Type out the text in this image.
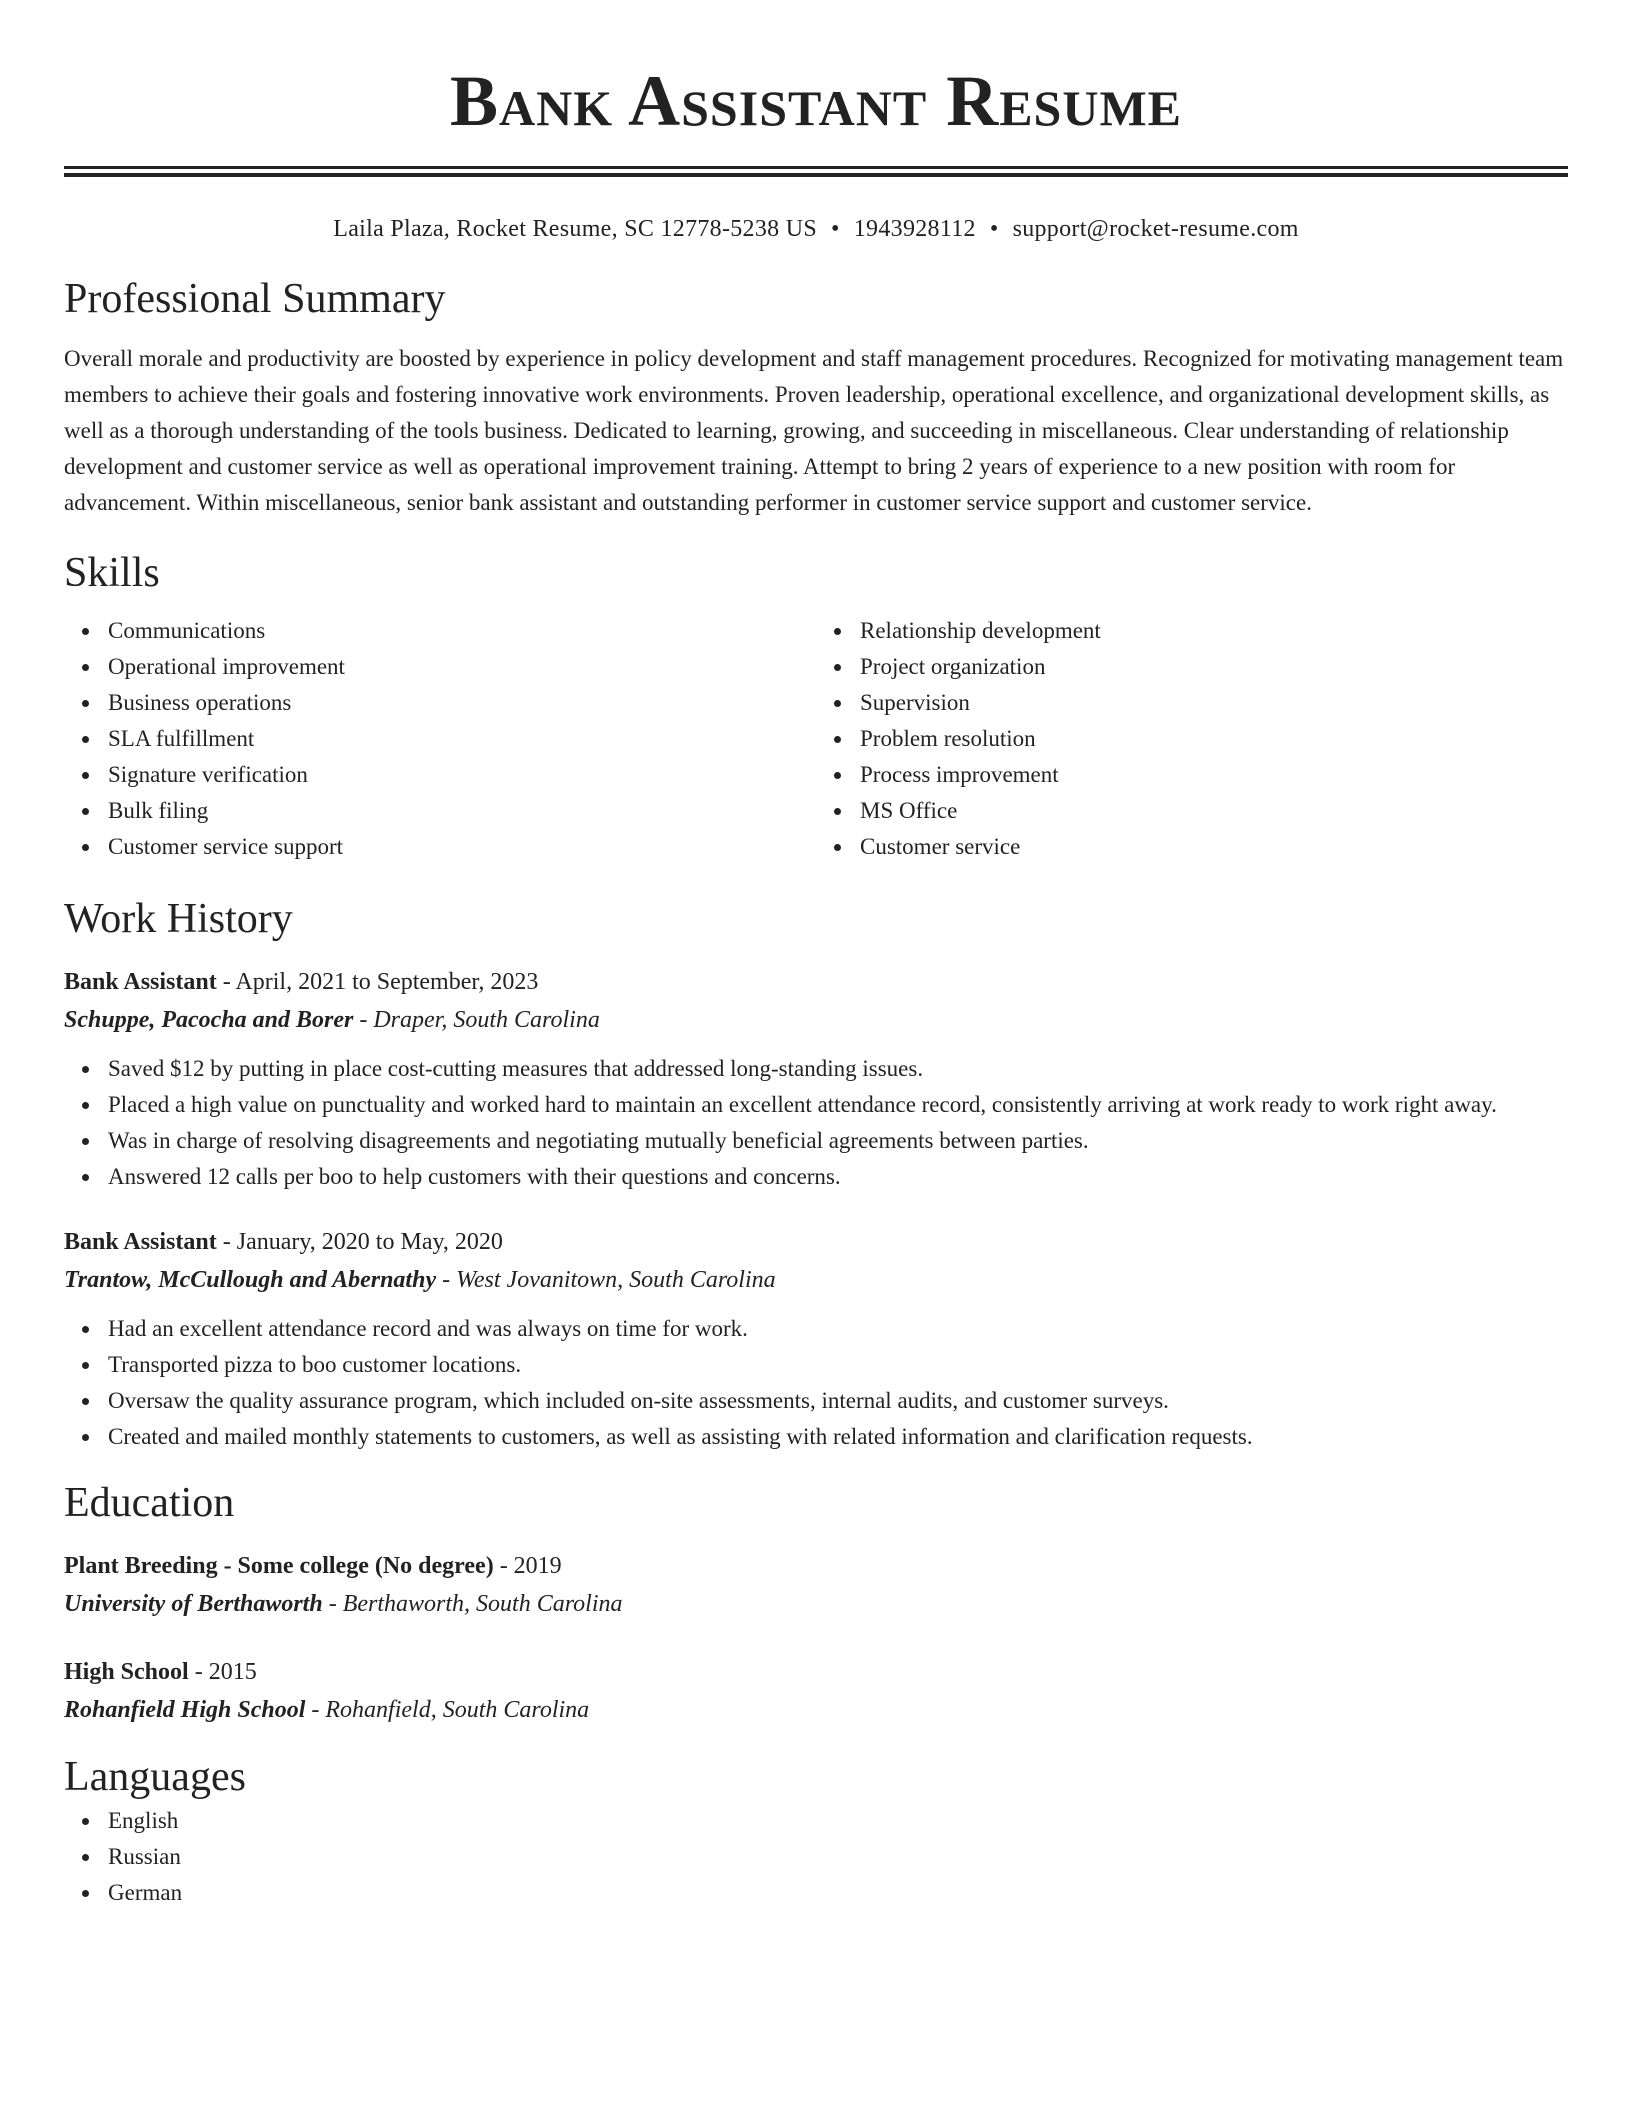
Bank Assistant Resume
Laila Plaza, Rocket Resume, SC 12778-5238 US • 1943928112 • support@rocket-resume.com
Professional Summary

Overall morale and productivity are boosted by experience in policy development and staff management procedures. Recognized for motivating management team members to achieve their goals and fostering innovative work environments. Proven leadership, operational excellence, and organizational development skills, as well as a thorough understanding of the tools business. Dedicated to learning, growing, and succeeding in miscellaneous. Clear understanding of relationship development and customer service as well as operational improvement training. Attempt to bring 2 years of experience to a new position with room for advancement. Within miscellaneous, senior bank assistant and outstanding performer in customer service support and customer service.

Skills
Communications
Operational improvement
Business operations
SLA fulfillment
Signature verification
Bulk filing
Customer service support
Relationship development
Project organization
Supervision
Problem resolution
Process improvement
MS Office
Customer service
Work History
Bank Assistant - April, 2021 to September, 2023
Schuppe, Pacocha and Borer - Draper, South Carolina
Saved $12 by putting in place cost-cutting measures that addressed long-standing issues.
Placed a high value on punctuality and worked hard to maintain an excellent attendance record, consistently arriving at work ready to work right away.
Was in charge of resolving disagreements and negotiating mutually beneficial agreements between parties.
Answered 12 calls per boo to help customers with their questions and concerns.
Bank Assistant - January, 2020 to May, 2020
Trantow, McCullough and Abernathy - West Jovanitown, South Carolina
Had an excellent attendance record and was always on time for work.
Transported pizza to boo customer locations.
Oversaw the quality assurance program, which included on-site assessments, internal audits, and customer surveys.
Created and mailed monthly statements to customers, as well as assisting with related information and clarification requests.
Education
Plant Breeding - Some college (No degree) - 2019
University of Berthaworth - Berthaworth, South Carolina
High School - 2015
Rohanfield High School - Rohanfield, South Carolina
Languages
English
Russian
German
